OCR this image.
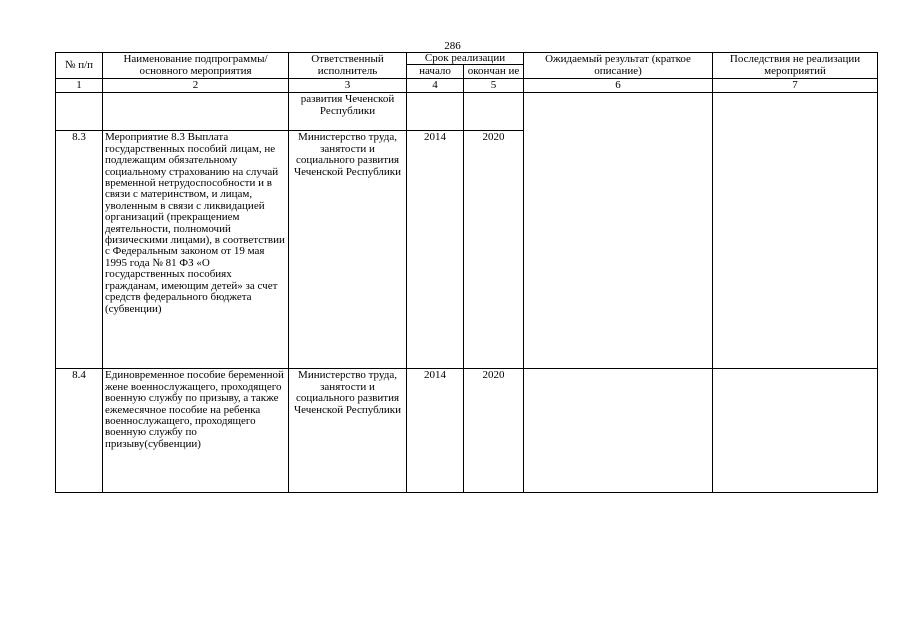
286
№ п/п	Наименование подпрограммы/ основного мероприятия	Ответственный исполнитель	Срок реализации		Ожидаемый результат (краткое описание)	Последствия не реализации мероприятий
			начало	окончан ие		
1	2	3	4	5	6	7
		развития Чеченской Республики				
8.3	Мероприятие 8.3 Выплата государственных пособий лицам, не подлежащим обязательному социальному страхованию на случай временной нетрудоспособности и в связи с материнством, и лицам, уволенным в связи с ликвидацией организаций (прекращением деятельности, полномочий физическими лицами), в соответствии с Федеральным законом от 19 мая 1995 года № 81 ФЗ «О государственных пособиях гражданам, имеющим детей» за счет средств федерального бюджета (субвенции)	Министерство труда, занятости и социального развития Чеченской Республики	2014	2020		
8.4	Единовременное пособие беременной жене военнослужащего, проходящего военную службу по призыву, а также ежемесячное пособие на ребенка военнослужащего, проходящего военную службу по призыву(субвенции)	Министерство труда, занятости и социального развития Чеченской Республики	2014	2020		
